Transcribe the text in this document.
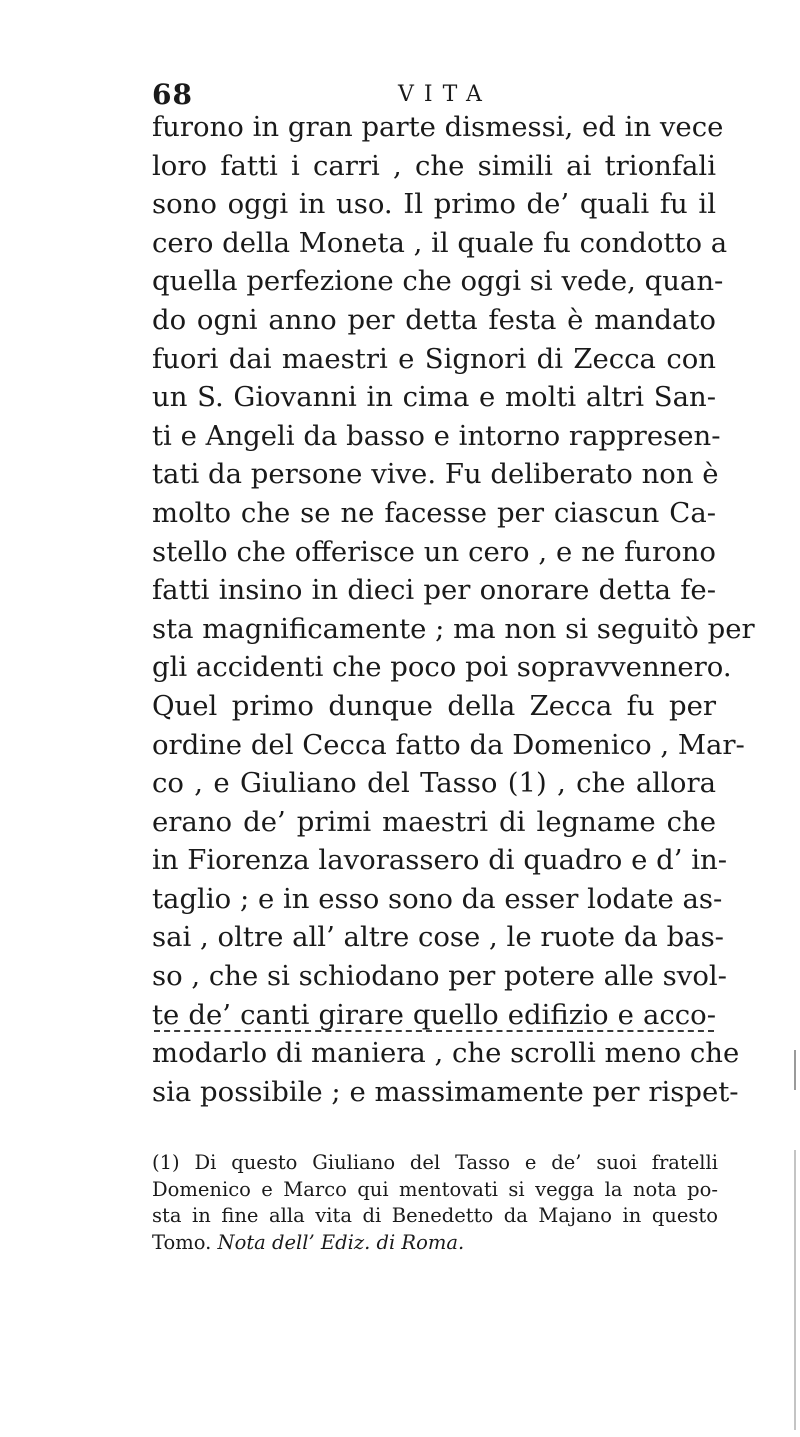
68	VITA
furono in gran parte dismessi, ed in vece
loro fatti i carri , che simili ai trionfali
sono oggi in uso. Il primo de’ quali fu il
cero della Moneta , il quale fu condotto a
quella perfezione che oggi si vede, quan-
do ogni anno per detta festa è mandato
fuori dai maestri e Signori di Zecca con
un S. Giovanni in cima e molti altri San-
ti e Angeli da basso e intorno rappresen-
tati da persone vive. Fu deliberato non è
molto che se ne facesse per ciascun Ca-
stello che offerisce un cero , e ne furono
fatti insino in dieci per onorare detta fe-
sta magnificamente ; ma non si seguitò per
gli accidenti che poco poi sopravvennero.
Quel primo dunque della Zecca fu per
ordine del Cecca fatto da Domenico , Mar-
co , e Giuliano del Tasso (1) , che allora
erano de’ primi maestri di legname che
in Fiorenza lavorassero di quadro e d’ in-
taglio ; e in esso sono da esser lodate as-
sai , oltre all’ altre cose , le ruote da bas-
so , che si schiodano per potere alle svol-
te de’ canti girare quello edifizio e acco-
modarlo di maniera , che scrolli meno che
sia possibile ; e massimamente per rispet-
(1) Di questo Giuliano del Tasso e de’ suoi fratelli
Domenico e Marco qui mentovati si vegga la nota po-
sta in fine alla vita di Benedetto da Majano in questo
Tomo. Nota dell’ Ediz. di Roma.
